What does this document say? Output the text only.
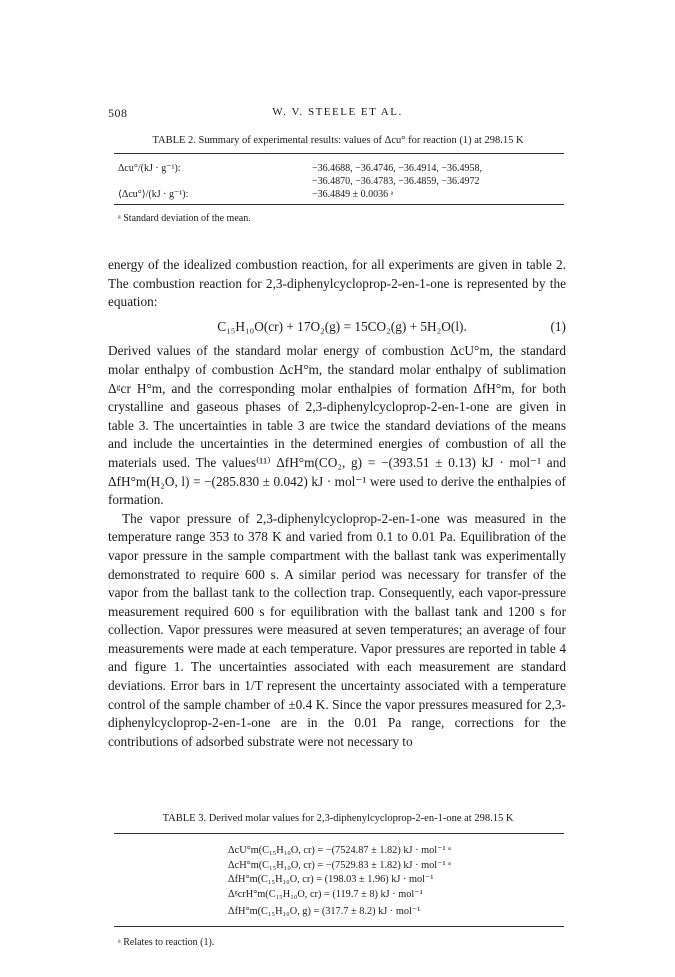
W. V. STEELE ET AL.
508
TABLE 2. Summary of experimental results: values of Δcu° for reaction (1) at 298.15 K
Δcu°/(kJ · g⁻¹):	−36.4688, −36.4746, −36.4914, −36.4958,
−36.4870, −36.4783, −36.4859, −36.4972
⟨Δcu°⟩/(kJ · g⁻¹):	−36.4849 ± 0.0036 ᵃ
ᵃ Standard deviation of the mean.

energy of the idealized combustion reaction, for all experiments are given in table 2. The combustion reaction for 2,3-diphenylcycloprop-2-en-1-one is represented by the equation:

C₁₅H₁₀O(cr) + 17O₂(g) = 15CO₂(g) + 5H₂O(l).	(1)

Derived values of the standard molar energy of combustion ΔcU°m, the standard molar enthalpy of combustion ΔcH°m, the standard molar enthalpy of sublimation Δᵍcr H°m, and the corresponding molar enthalpies of formation ΔfH°m, for both crystalline and gaseous phases of 2,3-diphenylcycloprop-2-en-1-one are given in table 3. The uncertainties in table 3 are twice the standard deviations of the means and include the uncertainties in the determined energies of combustion of all the materials used. The values⁽¹¹⁾ ΔfH°m(CO₂, g) = −(393.51 ± 0.13) kJ · mol⁻¹ and ΔfH°m(H₂O, l) = −(285.830 ± 0.042) kJ · mol⁻¹ were used to derive the enthalpies of formation.

The vapor pressure of 2,3-diphenylcycloprop-2-en-1-one was measured in the temperature range 353 to 378 K and varied from 0.1 to 0.01 Pa. Equilibration of the vapor pressure in the sample compartment with the ballast tank was experimentally demonstrated to require 600 s. A similar period was necessary for transfer of the vapor from the ballast tank to the collection trap. Consequently, each vapor-pressure measurement required 600 s for equilibration with the ballast tank and 1200 s for collection. Vapor pressures were measured at seven temperatures; an average of four measurements were made at each temperature. Vapor pressures are reported in table 4 and figure 1. The uncertainties associated with each measurement are standard deviations. Error bars in 1/T represent the uncertainty associated with a temperature control of the sample chamber of ±0.4 K. Since the vapor pressures measured for 2,3-diphenylcycloprop-2-en-1-one are in the 0.01 Pa range, corrections for the contributions of adsorbed substrate were not necessary to

TABLE 3. Derived molar values for 2,3-diphenylcycloprop-2-en-1-one at 298.15 K
ΔcU°m(C₁₅H₁₀O, cr) = −(7524.87 ± 1.82) kJ · mol⁻¹ ᵃ
ΔcH°m(C₁₅H₁₀O, cr) = −(7529.83 ± 1.82) kJ · mol⁻¹ ᵃ
ΔfH°m(C₁₅H₁₀O, cr) = (198.03 ± 1.96) kJ · mol⁻¹
ΔᵍcrH°m(C₁₅H₁₀O, cr) = (119.7 ± 8) kJ · mol⁻¹
ΔfH°m(C₁₅H₁₀O, g) = (317.7 ± 8.2) kJ · mol⁻¹
ᵃ Relates to reaction (1).
